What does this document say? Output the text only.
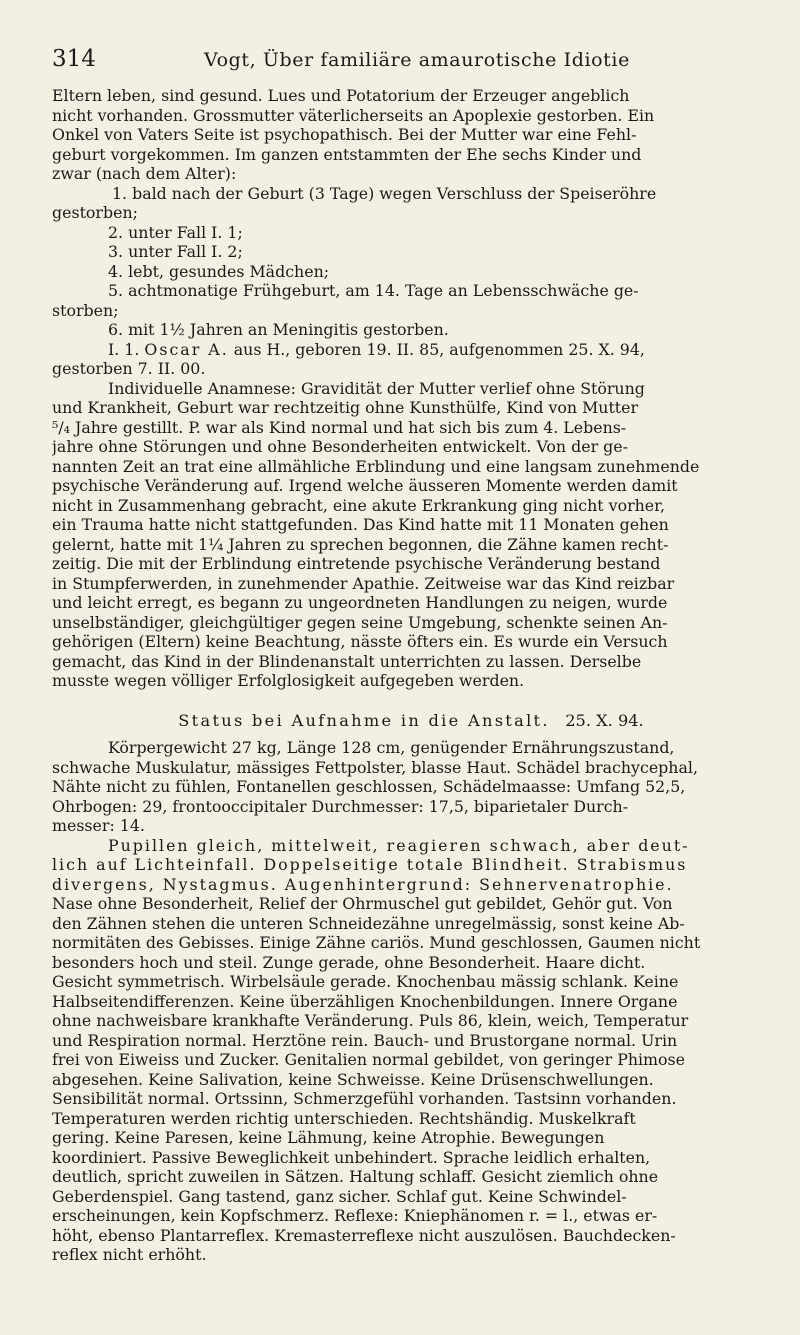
314	Vogt, Über familiäre amaurotische Idiotie
Eltern leben, sind gesund. Lues und Potatorium der Erzeuger angeblich
nicht vorhanden. Grossmutter väterlicherseits an Apoplexie gestorben. Ein
Onkel von Vaters Seite ist psychopathisch. Bei der Mutter war eine Fehl-
geburt vorgekommen. Im ganzen entstammten der Ehe sechs Kinder und
zwar (nach dem Alter):
1. bald nach der Geburt (3 Tage) wegen Verschluss der Speiseröhre
gestorben;
2. unter Fall I. 1;
3. unter Fall I. 2;
4. lebt, gesundes Mädchen;
5. achtmonatige Frühgeburt, am 14. Tage an Lebensschwäche ge-
storben;
6. mit 1½ Jahren an Meningitis gestorben.
I. 1. Oscar A. aus H., geboren 19. II. 85, aufgenommen 25. X. 94,
gestorben 7. II. 00.
Individuelle Anamnese: Gravidität der Mutter verlief ohne Störung
und Krankheit, Geburt war rechtzeitig ohne Kunsthülfe, Kind von Mutter
⁵/₄ Jahre gestillt. P. war als Kind normal und hat sich bis zum 4. Lebens-
jahre ohne Störungen und ohne Besonderheiten entwickelt. Von der ge-
nannten Zeit an trat eine allmähliche Erblindung und eine langsam zunehmende
psychische Veränderung auf. Irgend welche äusseren Momente werden damit
nicht in Zusammenhang gebracht, eine akute Erkrankung ging nicht vorher,
ein Trauma hatte nicht stattgefunden. Das Kind hatte mit 11 Monaten gehen
gelernt, hatte mit 1¼ Jahren zu sprechen begonnen, die Zähne kamen recht-
zeitig. Die mit der Erblindung eintretende psychische Veränderung bestand
in Stumpferwerden, in zunehmender Apathie. Zeitweise war das Kind reizbar
und leicht erregt, es begann zu ungeordneten Handlungen zu neigen, wurde
unselbständiger, gleichgültiger gegen seine Umgebung, schenkte seinen An-
gehörigen (Eltern) keine Beachtung, nässte öfters ein. Es wurde ein Versuch
gemacht, das Kind in der Blindenanstalt unterrichten zu lassen. Derselbe
musste wegen völliger Erfolglosigkeit aufgegeben werden.
Status bei Aufnahme in die Anstalt. 25. X. 94.
Körpergewicht 27 kg, Länge 128 cm, genügender Ernährungszustand,
schwache Muskulatur, mässiges Fettpolster, blasse Haut. Schädel brachycephal,
Nähte nicht zu fühlen, Fontanellen geschlossen, Schädelmaasse: Umfang 52,5,
Ohrbogen: 29, frontooccipitaler Durchmesser: 17,5, biparietaler Durch-
messer: 14.
Pupillen gleich, mittelweit, reagieren schwach, aber deut-
lich auf Lichteinfall. Doppelseitige totale Blindheit. Strabismus
divergens, Nystagmus. Augenhintergrund: Sehnervenatrophie.
Nase ohne Besonderheit, Relief der Ohrmuschel gut gebildet, Gehör gut. Von
den Zähnen stehen die unteren Schneidezähne unregelmässig, sonst keine Ab-
normitäten des Gebisses. Einige Zähne cariös. Mund geschlossen, Gaumen nicht
besonders hoch und steil. Zunge gerade, ohne Besonderheit. Haare dicht.
Gesicht symmetrisch. Wirbelsäule gerade. Knochenbau mässig schlank. Keine
Halbseitendifferenzen. Keine überzähligen Knochenbildungen. Innere Organe
ohne nachweisbare krankhafte Veränderung. Puls 86, klein, weich, Temperatur
und Respiration normal. Herztöne rein. Bauch- und Brustorgane normal. Urin
frei von Eiweiss und Zucker. Genitalien normal gebildet, von geringer Phimose
abgesehen. Keine Salivation, keine Schweisse. Keine Drüsenschwellungen.
Sensibilität normal. Ortssinn, Schmerzgefühl vorhanden. Tastsinn vorhanden.
Temperaturen werden richtig unterschieden. Rechtshändig. Muskelkraft
gering. Keine Paresen, keine Lähmung, keine Atrophie. Bewegungen
koordiniert. Passive Beweglichkeit unbehindert. Sprache leidlich erhalten,
deutlich, spricht zuweilen in Sätzen. Haltung schlaff. Gesicht ziemlich ohne
Geberdenspiel. Gang tastend, ganz sicher. Schlaf gut. Keine Schwindel-
erscheinungen, kein Kopfschmerz. Reflexe: Kniephänomen r. = l., etwas er-
höht, ebenso Plantarreflex. Kremasterreflexe nicht auszulösen. Bauchdecken-
reflex nicht erhöht.
